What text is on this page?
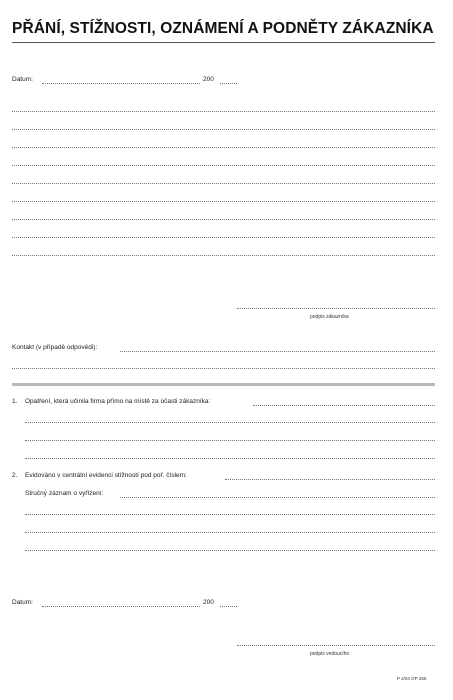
PŘÁNÍ, STÍŽNOSTI, OZNÁMENÍ A PODNĚTY ZÁKAZNÍKA
Datum:	200
podpis zákazníka
Kontakt (v případě odpovědi):
1. Opatření, která učinila firma přímo na místě za účasti zákazníka:
2. Evidováno v centrální evidenci stížností pod poř. číslem:
Stručný záznam o vyřízení:
Datum:	200
podpis vedoucího
P 4/04 OP 256
